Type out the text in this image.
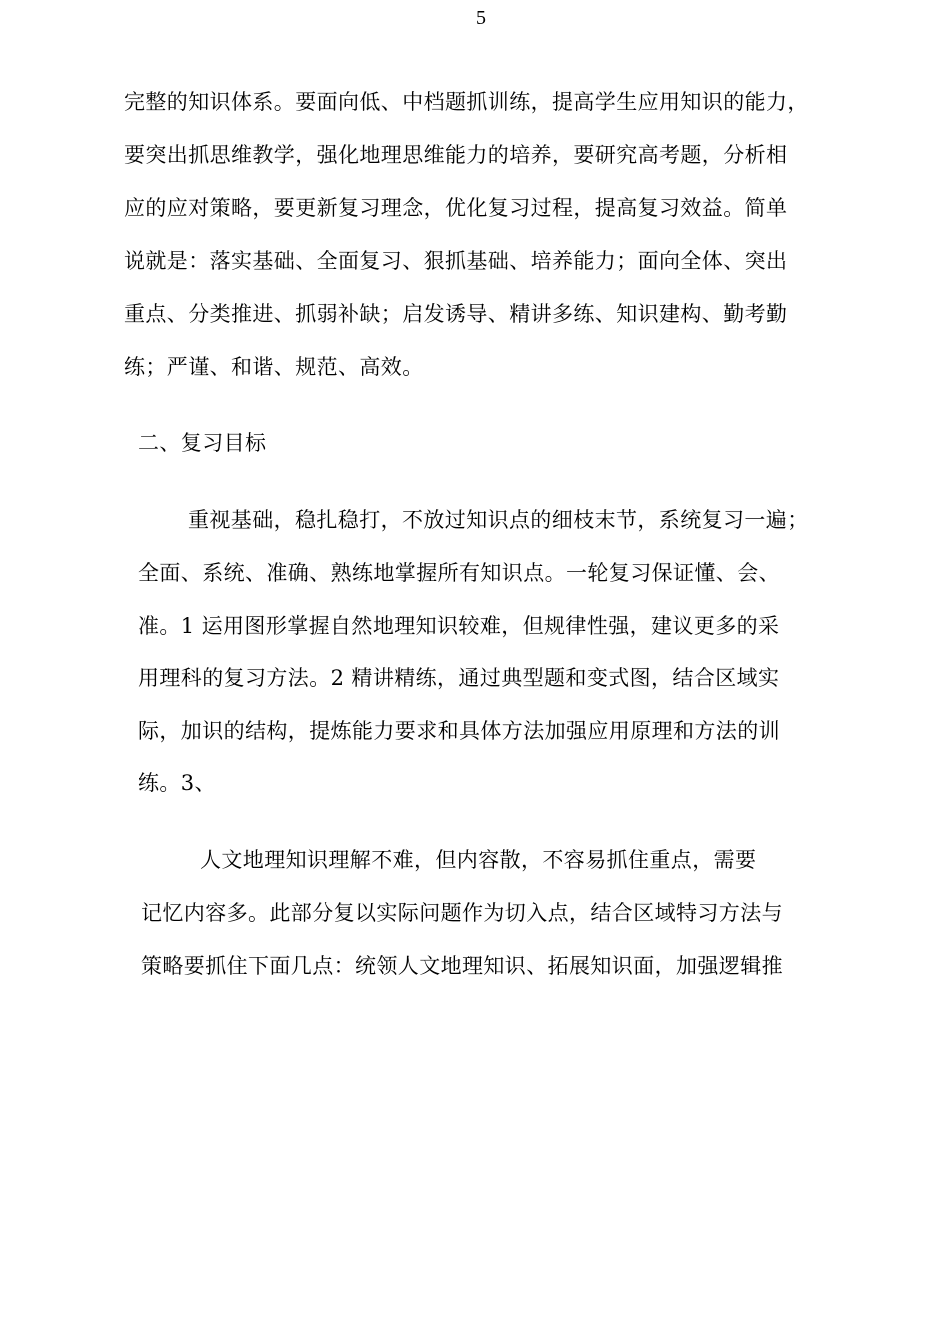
5
完整的知识体系。要面向低、中档题抓训练，提高学生应用知识的能力，
要突出抓思维教学，强化地理思维能力的培养，要研究高考题，分析相
应的应对策略，要更新复习理念，优化复习过程，提高复习效益。简单
说就是：落实基础、全面复习、狠抓基础、培养能力；面向全体、突出
重点、分类推进、抓弱补缺；启发诱导、精讲多练、知识建构、勤考勤
练；严谨、和谐、规范、高效。
二、复习目标
重视基础，稳扎稳打，不放过知识点的细枝末节，系统复习一遍；
全面、系统、准确、熟练地掌握所有知识点。一轮复习保证懂、会、
准。1 运用图形掌握自然地理知识较难，但规律性强，建议更多的采
用理科的复习方法。2 精讲精练，通过典型题和变式图，结合区域实
际，加识的结构，提炼能力要求和具体方法加强应用原理和方法的训
练。3、
人文地理知识理解不难，但内容散，不容易抓住重点，需要
记忆内容多。此部分复以实际问题作为切入点，结合区域特习方法与
策略要抓住下面几点：统领人文地理知识、拓展知识面，加强逻辑推
